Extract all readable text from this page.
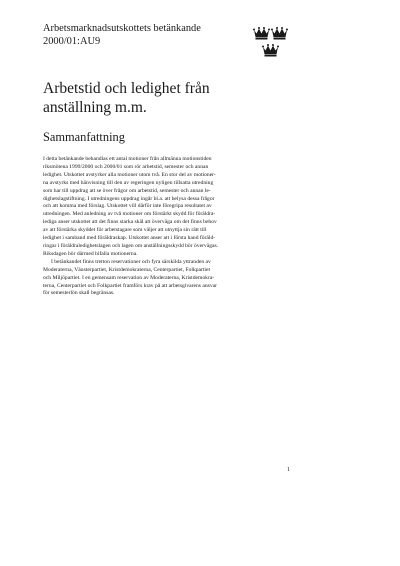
Arbetsmarknadsutskottets betänkande
2000/01:AU9
Arbetstid och ledighet från
anställning m.m.
Sammanfattning

I detta betänkande behandlas ett antal motioner från allmänna motionstiden
riksmötena 1999/2000 och 2000/01 som rör arbetstid, semester och annan
ledighet. Utskottet avstyrker alla motioner utom två. En stor del av motioner-
na avstyrks med hänvisning till den av regeringen nyligen tillsatta utredning
som har till uppdrag att se över frågor om arbetstid, semester och annan le-
dighetslagstiftning. I utredningens uppdrag ingår bl.a. att belysa dessa frågor
och att komma med förslag. Utskottet vill därför inte föregripa resultatet av
utredningen. Med anledning av två motioner om förstärkt skydd för föräldra-
lediga anser utskottet att det finns starka skäl att överväga om det finns behov
av att förstärka skyddet för arbetstagare som väljer att utnyttja sin rätt till
ledighet i samband med föräldraskap. Utskottet anser att i första hand föräld-
ringar i föräldraledighetslagen och lagen om anställningsskydd bör övervägas.
Riksdagen bör därmed bifalla motionerna.

I betänkandet finns tretton reservationer och fyra särskilda yttranden av
Moderaterna, Vänsterpartiet, Kristdemokraterna, Centerpartiet, Folkpartiet
och Miljöpartiet. I en gemensam reservation av Moderaterna, Kristdemokra-
terna, Centerpartiet och Folkpartiet framförs krav på att arbetsgivarens ansvar
för semesterlön skall begränsas.

1
